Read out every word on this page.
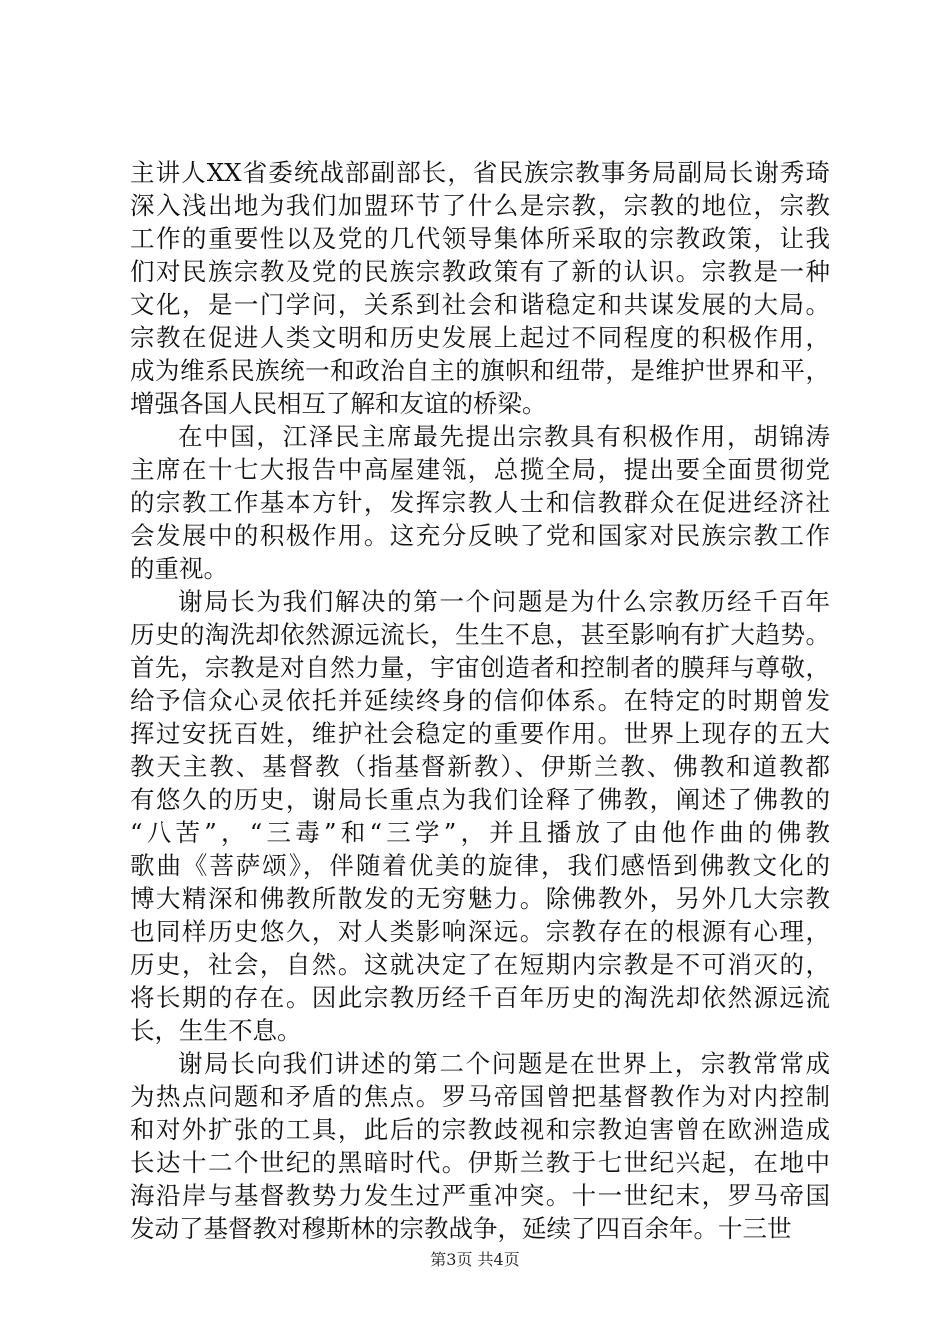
主讲人XX省委统战部副部长，省民族宗教事务局副局长谢秀琦
深入浅出地为我们加盟环节了什么是宗教，宗教的地位，宗教
工作的重要性以及党的几代领导集体所采取的宗教政策，让我
们对民族宗教及党的民族宗教政策有了新的认识。宗教是一种
文化，是一门学问，关系到社会和谐稳定和共谋发展的大局。
宗教在促进人类文明和历史发展上起过不同程度的积极作用，
成为维系民族统一和政治自主的旗帜和纽带，是维护世界和平，
增强各国人民相互了解和友谊的桥梁。
在中国，江泽民主席最先提出宗教具有积极作用，胡锦涛
主席在十七大报告中高屋建瓴，总揽全局，提出要全面贯彻党
的宗教工作基本方针，发挥宗教人士和信教群众在促进经济社
会发展中的积极作用。这充分反映了党和国家对民族宗教工作
的重视。
谢局长为我们解决的第一个问题是为什么宗教历经千百年
历史的淘洗却依然源远流长，生生不息，甚至影响有扩大趋势。
首先，宗教是对自然力量，宇宙创造者和控制者的膜拜与尊敬，
给予信众心灵依托并延续终身的信仰体系。在特定的时期曾发
挥过安抚百姓，维护社会稳定的重要作用。世界上现存的五大
教天主教、基督教（指基督新教）、伊斯兰教、佛教和道教都
有悠久的历史，谢局长重点为我们诠释了佛教，阐述了佛教的
“八苦”，“三毒”和“三学”，并且播放了由他作曲的佛教
歌曲《菩萨颂》，伴随着优美的旋律，我们感悟到佛教文化的
博大精深和佛教所散发的无穷魅力。除佛教外，另外几大宗教
也同样历史悠久，对人类影响深远。宗教存在的根源有心理，
历史，社会，自然。这就决定了在短期内宗教是不可消灭的，
将长期的存在。因此宗教历经千百年历史的淘洗却依然源远流
长，生生不息。
谢局长向我们讲述的第二个问题是在世界上，宗教常常成
为热点问题和矛盾的焦点。罗马帝国曾把基督教作为对内控制
和对外扩张的工具，此后的宗教歧视和宗教迫害曾在欧洲造成
长达十二个世纪的黑暗时代。伊斯兰教于七世纪兴起，在地中
海沿岸与基督教势力发生过严重冲突。十一世纪末，罗马帝国
发动了基督教对穆斯林的宗教战争，延续了四百余年。十三世
第3页 共4页
